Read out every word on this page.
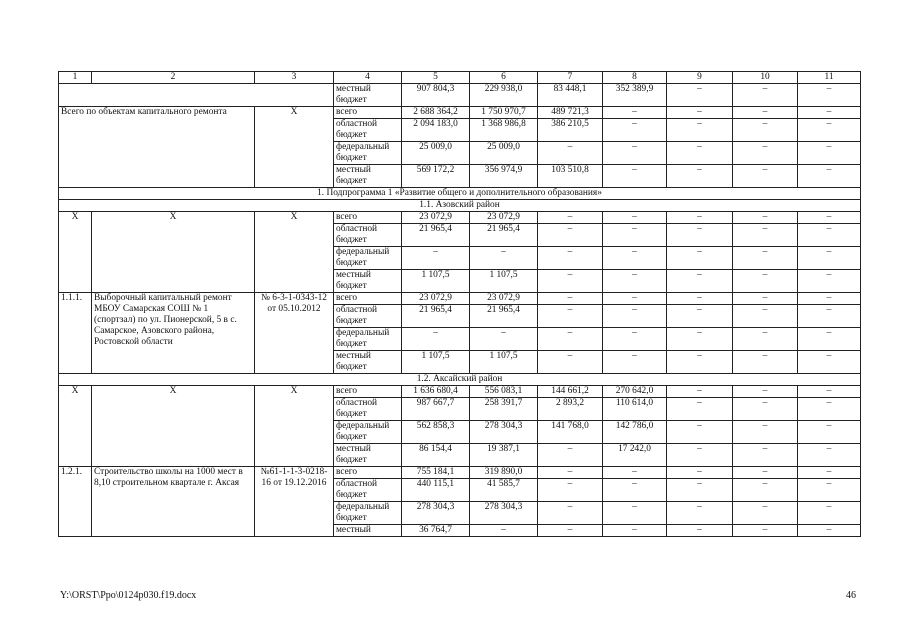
1	2	3	4	5	6	7	8	9	10	11
			местный бюджет	907 804,3	229 938,0	83 448,1	352 389,9	–	–	–
Всего по объектам капитального ремонта		Х	всего	2 688 364,2	1 750 970,7	489 721,3	–	–	–	–
			областной бюджет	2 094 183,0	1 368 986,8	386 210,5	–	–	–	–
			федеральный бюджет	25 009,0	25 009,0	–	–	–	–	–
			местный бюджет	569 172,2	356 974,9	103 510,8	–	–	–	–
1. Подпрограмма 1 «Развитие общего и дополнительного образования»										
1.1. Азовский район										
Х	Х	Х	всего	23 072,9	23 072,9	–	–	–	–	–
			областной бюджет	21 965,4	21 965,4	–	–	–	–	–
			федеральный бюджет	–	–	–	–	–	–	–
			местный бюджет	1 107,5	1 107,5	–	–	–	–	–
1.1.1.	Выборочный капитальный ремонт МБОУ Самарская СОШ № 1 (спортзал) по ул. Пионерской, 5 в с. Самарское, Азовского района, Ростовской области	№ 6-3-1-0343-12 от 05.10.2012	всего	23 072,9	23 072,9	–	–	–	–	–
			областной бюджет	21 965,4	21 965,4	–	–	–	–	–
			федеральный бюджет	–	–	–	–	–	–	–
			местный бюджет	1 107,5	1 107,5	–	–	–	–	–
1.2. Аксайский район										
Х	Х	Х	всего	1 636 680,4	556 083,1	144 661,2	270 642,0	–	–	–
			областной бюджет	987 667,7	258 391,7	2 893,2	110 614,0	–	–	–
			федеральный бюджет	562 858,3	278 304,3	141 768,0	142 786,0	–	–	–
			местный бюджет	86 154,4	19 387,1	–	17 242,0	–	–	–
1.2.1.	Строительство школы на 1000 мест в 8,10 строительном квартале г. Аксая	№61-1-1-3-0218-16 от 19.12.2016	всего	755 184,1	319 890,0	–	–	–	–	–
			областной бюджет	440 115,1	41 585,7	–	–	–	–	–
			федеральный бюджет	278 304,3	278 304,3	–	–	–	–	–
			местный	36 764,7	–	–	–	–	–	–
Y:\ORST\Ppo\0124p030.f19.docx	46
